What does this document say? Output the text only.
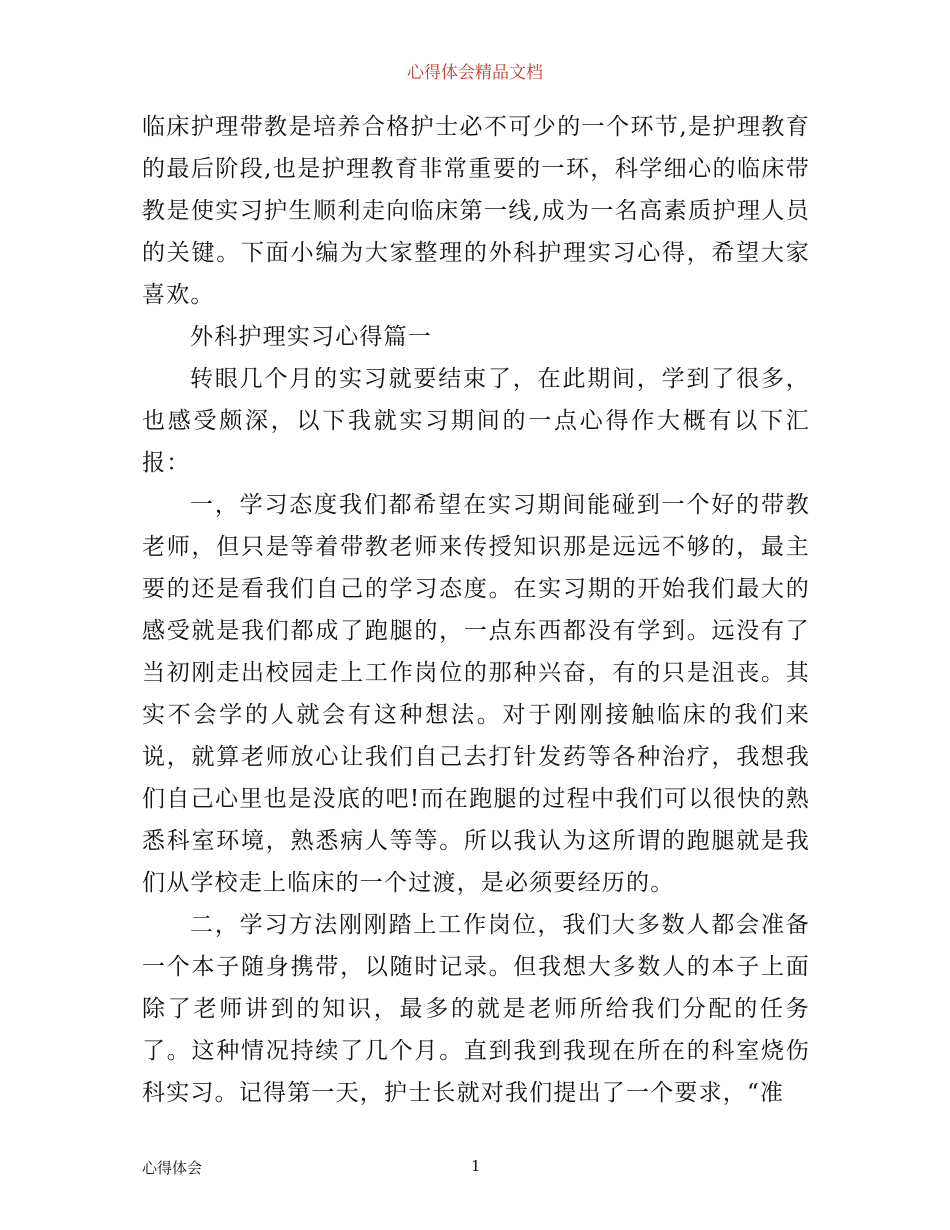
心得体会精品文档

临床护理带教是培养合格护士必不可少的一个环节,是护理教育的最后阶段,也是护理教育非常重要的一环，科学细心的临床带教是使实习护生顺利走向临床第一线,成为一名高素质护理人员的关键。下面小编为大家整理的外科护理实习心得，希望大家喜欢。

外科护理实习心得篇一

转眼几个月的实习就要结束了，在此期间，学到了很多，也感受颇深，以下我就实习期间的一点心得作大概有以下汇报：

一，学习态度我们都希望在实习期间能碰到一个好的带教老师，但只是等着带教老师来传授知识那是远远不够的，最主要的还是看我们自己的学习态度。在实习期的开始我们最大的感受就是我们都成了跑腿的，一点东西都没有学到。远没有了当初刚走出校园走上工作岗位的那种兴奋，有的只是沮丧。其实不会学的人就会有这种想法。对于刚刚接触临床的我们来说，就算老师放心让我们自己去打针发药等各种治疗，我想我们自己心里也是没底的吧!而在跑腿的过程中我们可以很快的熟悉科室环境，熟悉病人等等。所以我认为这所谓的跑腿就是我们从学校走上临床的一个过渡，是必须要经历的。

二，学习方法刚刚踏上工作岗位，我们大多数人都会准备一个本子随身携带，以随时记录。但我想大多数人的本子上面除了老师讲到的知识，最多的就是老师所给我们分配的任务了。这种情况持续了几个月。直到我到我现在所在的科室烧伤科实习。记得第一天，护士长就对我们提出了一个要求，“准

心得体会	1
